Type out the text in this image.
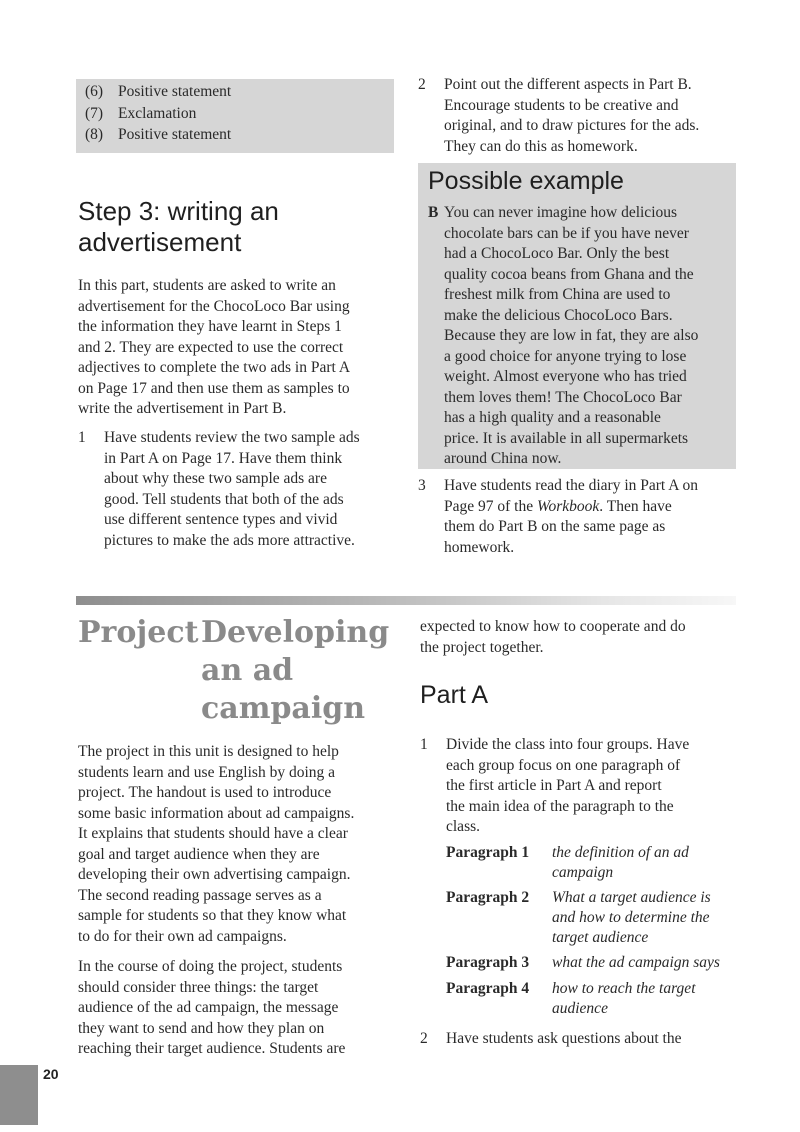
(6) Positive statement
(7) Exclamation
(8) Positive statement
Step 3: writing an
advertisement
In this part, students are asked to write an
advertisement for the ChocoLoco Bar using
the information they have learnt in Steps 1
and 2. They are expected to use the correct
adjectives to complete the two ads in Part A
on Page 17 and then use them as samples to
write the advertisement in Part B.
1	Have students review the two sample ads
in Part A on Page 17. Have them think
about why these two sample ads are
good. Tell students that both of the ads
use different sentence types and vivid
pictures to make the ads more attractive.
2	Point out the different aspects in Part B.
Encourage students to be creative and
original, and to draw pictures for the ads.
They can do this as homework.
Possible example
B You can never imagine how delicious
chocolate bars can be if you have never
had a ChocoLoco Bar. Only the best
quality cocoa beans from Ghana and the
freshest milk from China are used to
make the delicious ChocoLoco Bars.
Because they are low in fat, they are also
a good choice for anyone trying to lose
weight. Almost everyone who has tried
them loves them! The ChocoLoco Bar
has a high quality and a reasonable
price. It is available in all supermarkets
around China now.
3	Have students read the diary in Part A on
Page 97 of the Workbook. Then have
them do Part B on the same page as
homework.
Project Developing
an ad
campaign
The project in this unit is designed to help
students learn and use English by doing a
project. The handout is used to introduce
some basic information about ad campaigns.
It explains that students should have a clear
goal and target audience when they are
developing their own advertising campaign.
The second reading passage serves as a
sample for students so that they know what
to do for their own ad campaigns.
In the course of doing the project, students
should consider three things: the target
audience of the ad campaign, the message
they want to send and how they plan on
reaching their target audience. Students are
expected to know how to cooperate and do
the project together.
Part A
1	Divide the class into four groups. Have
each group focus on one paragraph of
the first article in Part A and report
the main idea of the paragraph to the
class.
Paragraph 1	the definition of an ad
campaign
Paragraph 2	What a target audience is
and how to determine the
target audience
Paragraph 3	what the ad campaign says
Paragraph 4	how to reach the target
audience
2	Have students ask questions about the
20
